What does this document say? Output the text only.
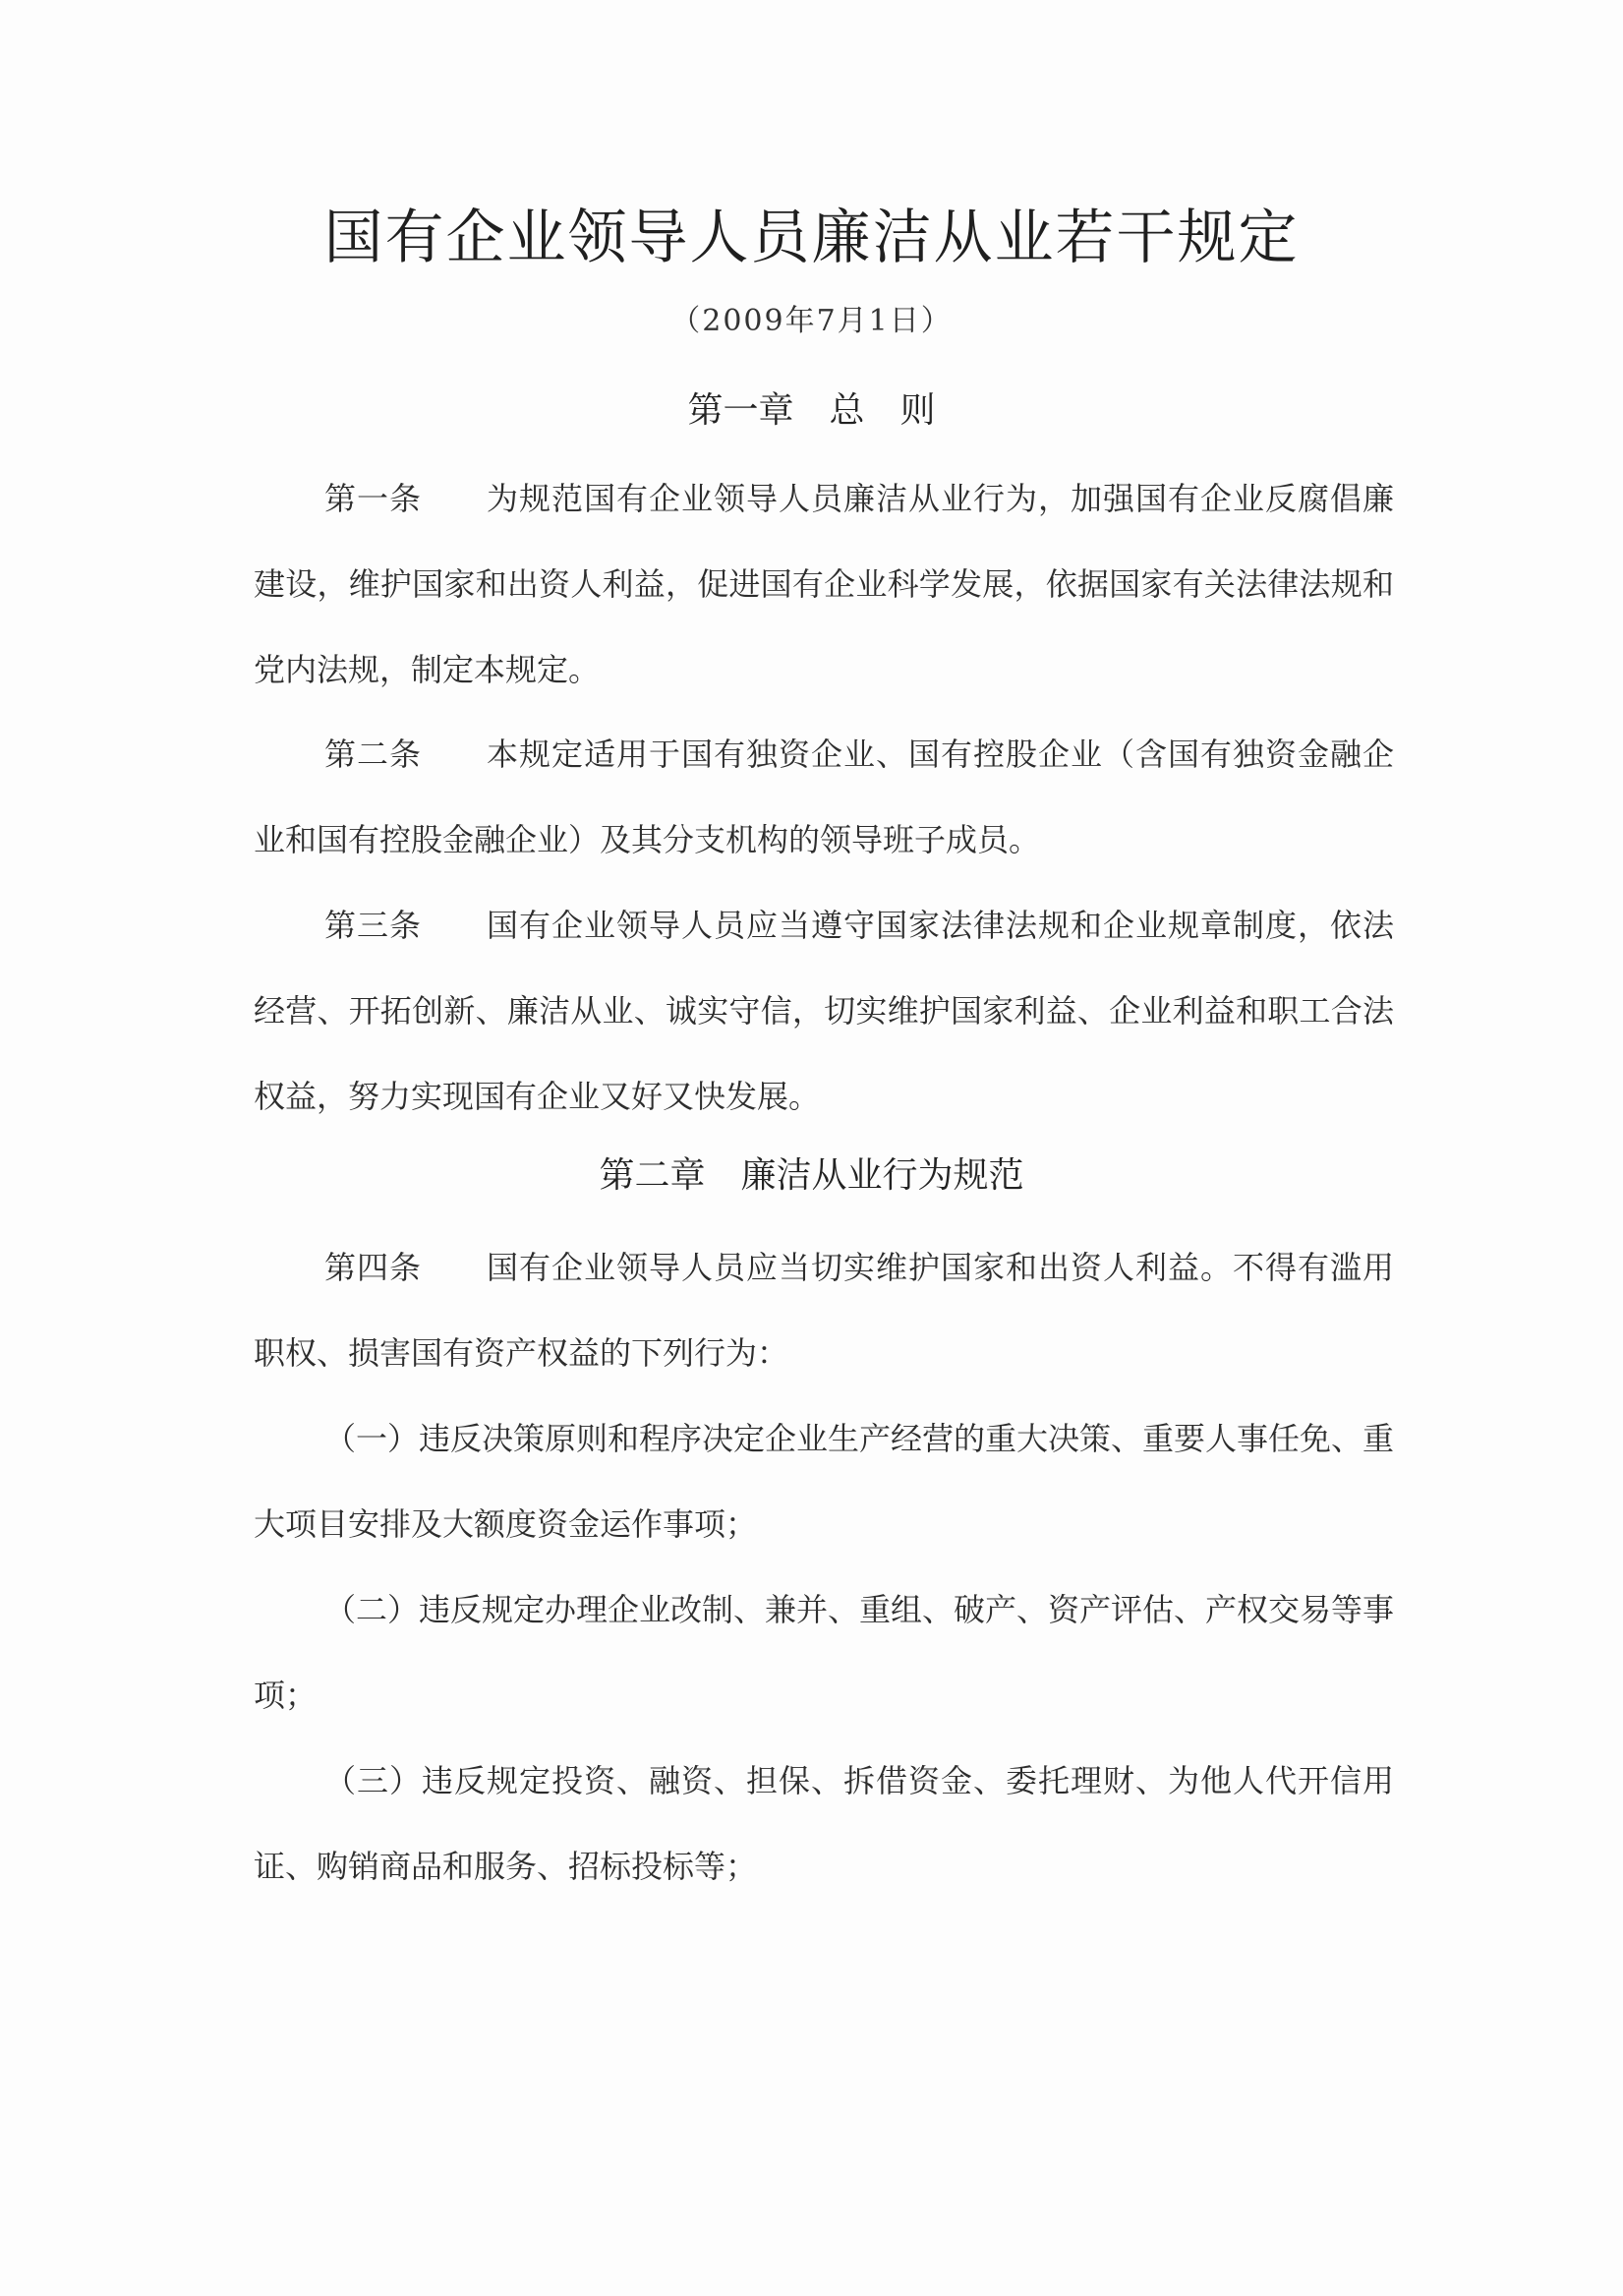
国有企业领导人员廉洁从业若干规定
（2009年7月1日）
第一章　总　则

第一条　　 为规范国有企业领导人员廉洁从业行为，加强国有企业反腐倡廉建设，维护国家和出资人利益，促进国有企业科学发展，依据国家有关法律法规和党内法规，制定本规定。

第二条　　 本规定适用于国有独资企业、国有控股企业（含国有独资金融企业和国有控股金融企业）及其分支机构的领导班子成员。

第三条　　 国有企业领导人员应当遵守国家法律法规和企业规章制度，依法经营、开拓创新、廉洁从业、诚实守信，切实维护国家利益、企业利益和职工合法权益，努力实现国有企业又好又快发展。

第二章　廉洁从业行为规范

第四条　　 国有企业领导人员应当切实维护国家和出资人利益。不得有滥用职权、损害国有资产权益的下列行为：

（一）违反决策原则和程序决定企业生产经营的重大决策、重要人事任免、重大项目安排及大额度资金运作事项；

（二）违反规定办理企业改制、兼并、重组、破产、资产评估、产权交易等事项；

（三）违反规定投资、融资、担保、拆借资金、委托理财、为他人代开信用证、购销商品和服务、招标投标等；
